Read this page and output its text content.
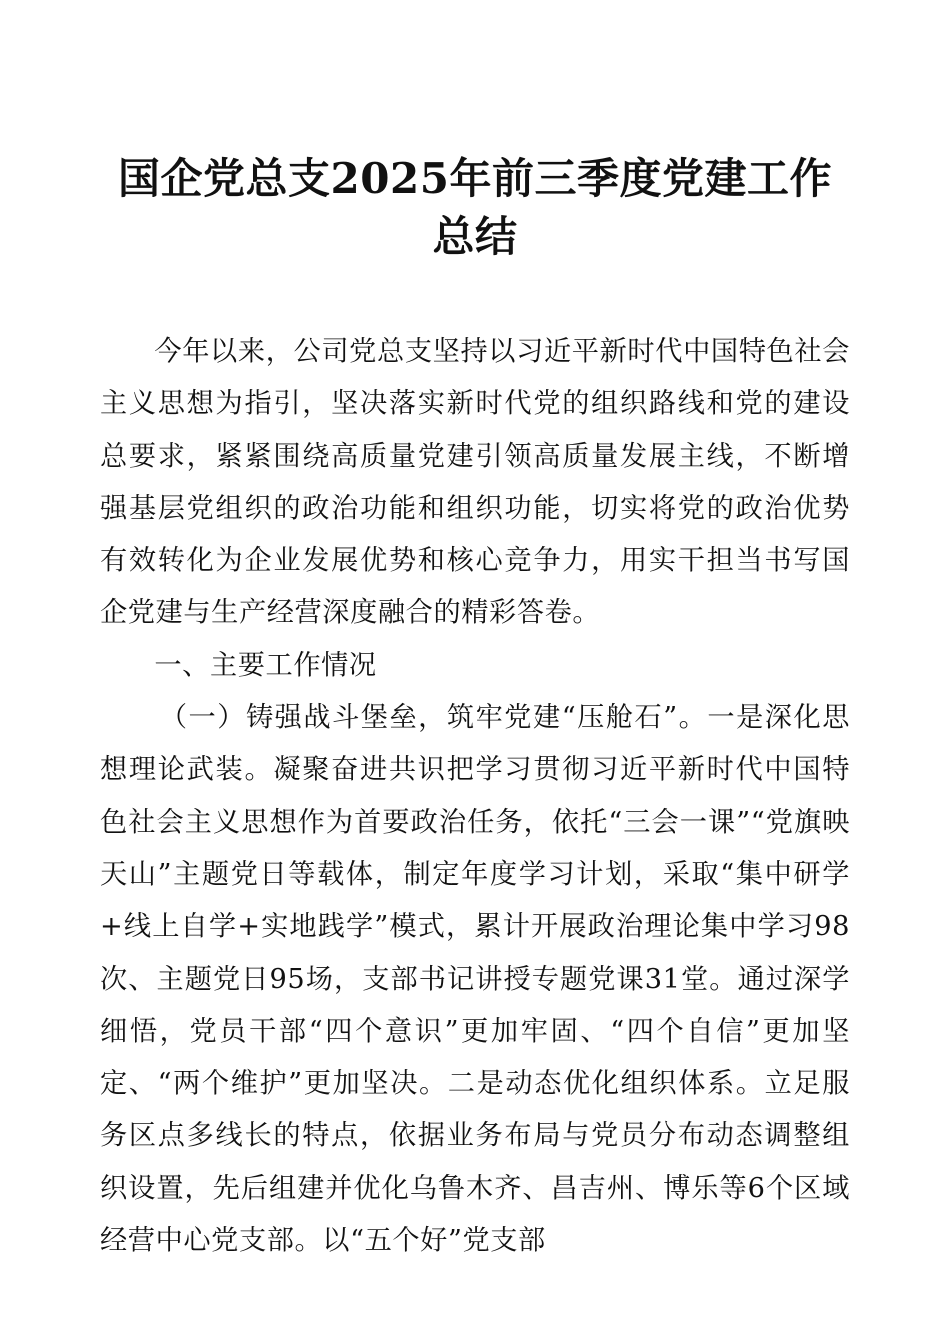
国企党总支2025年前三季度党建工作总结

今年以来，公司党总支坚持以习近平新时代中国特色社会主义思想为指引，坚决落实新时代党的组织路线和党的建设总要求，紧紧围绕高质量党建引领高质量发展主线，不断增强基层党组织的政治功能和组织功能，切实将党的政治优势有效转化为企业发展优势和核心竞争力，用实干担当书写国企党建与生产经营深度融合的精彩答卷。

一、主要工作情况

（一）铸强战斗堡垒，筑牢党建“压舱石”。一是深化思想理论武装。凝聚奋进共识把学习贯彻习近平新时代中国特色社会主义思想作为首要政治任务，依托“三会一课”“党旗映天山”主题党日等载体，制定年度学习计划，采取“集中研学+线上自学+实地践学”模式，累计开展政治理论集中学习98次、主题党日95场，支部书记讲授专题党课31堂。通过深学细悟，党员干部“四个意识”更加牢固、“四个自信”更加坚定、“两个维护”更加坚决。二是动态优化组织体系。立足服务区点多线长的特点，依据业务布局与党员分布动态调整组织设置，先后组建并优化乌鲁木齐、昌吉州、博乐等6个区域经营中心党支部。以“五个好”党支部
